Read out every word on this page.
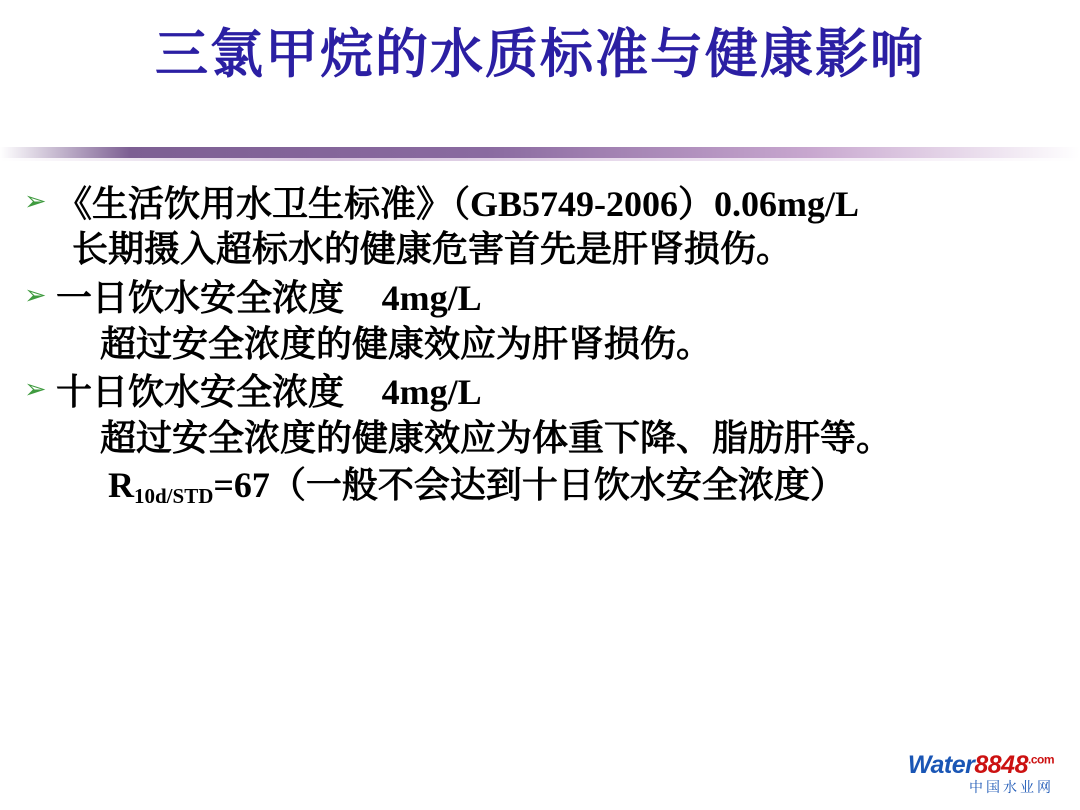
三氯甲烷的水质标准与健康影响
➢ 《生活饮用水卫生标准》（GB5749-2006）0.06mg/L
长期摄入超标水的健康危害首先是肝肾损伤。
➢ 一日饮水安全浓度 4mg/L
超过安全浓度的健康效应为肝肾损伤。
➢ 十日饮水安全浓度 4mg/L
超过安全浓度的健康效应为体重下降、脂肪肝等。
$R_{10d/STD}=67$（一般不会达到十日饮水安全浓度）
$Water8848^{.com}$
中国水业网
